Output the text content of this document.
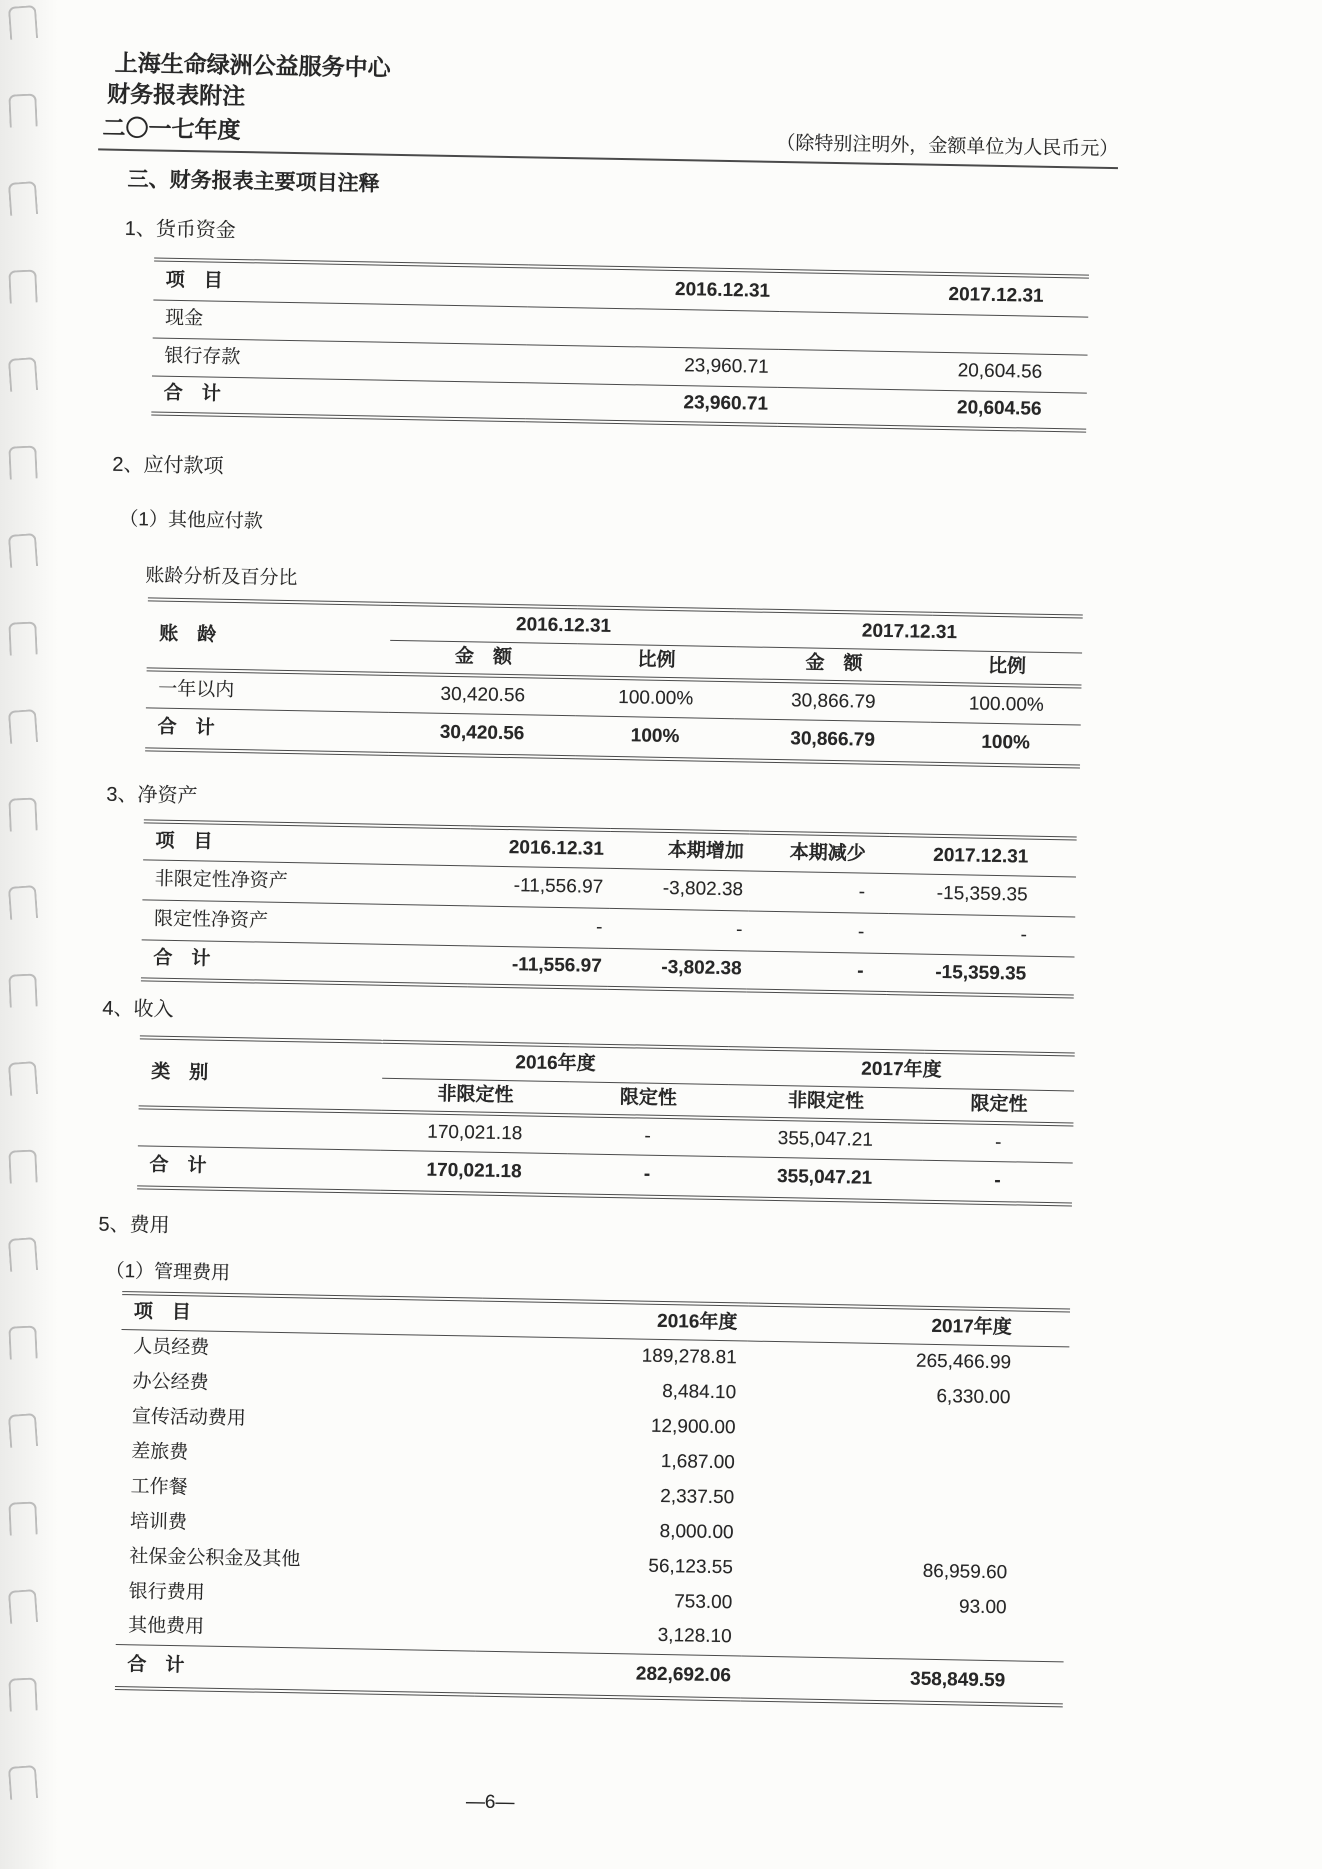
上海生命绿洲公益服务中心
财务报表附注
二〇一七年度
（除特别注明外，金额单位为人民币元）
三、财务报表主要项目注释
1、货币资金
项　目	2016.12.31	2017.12.31
现金		
银行存款	23,960.71	20,604.56
合　计	23,960.71	20,604.56
2、应付款项
（1）其他应付款
账龄分析及百分比
账　龄	2016.12.31		2017.12.31	
	金　额	比例	金　额	比例
一年以内	30,420.56	100.00%	30,866.79	100.00%
合　计	30,420.56	100%	30,866.79	100%
3、净资产
项　目	2016.12.31	本期增加	本期减少	2017.12.31
非限定性净资产	-11,556.97	-3,802.38	-	-15,359.35
限定性净资产	-	-	-	-
合　计	-11,556.97	-3,802.38	-	-15,359.35
4、收入
类　别	2016年度		2017年度	
	非限定性	限定性	非限定性	限定性
	170,021.18	-	355,047.21	-
合　计	170,021.18	-	355,047.21	-
5、费用
（1）管理费用
项　目	2016年度	2017年度
人员经费	189,278.81	265,466.99
办公经费	8,484.10	6,330.00
宣传活动费用	12,900.00	
差旅费	1,687.00	
工作餐	2,337.50	
培训费	8,000.00	
社保金公积金及其他	56,123.55	86,959.60
银行费用	753.00	93.00
其他费用	3,128.10	
合　计	282,692.06	358,849.59
—6—
